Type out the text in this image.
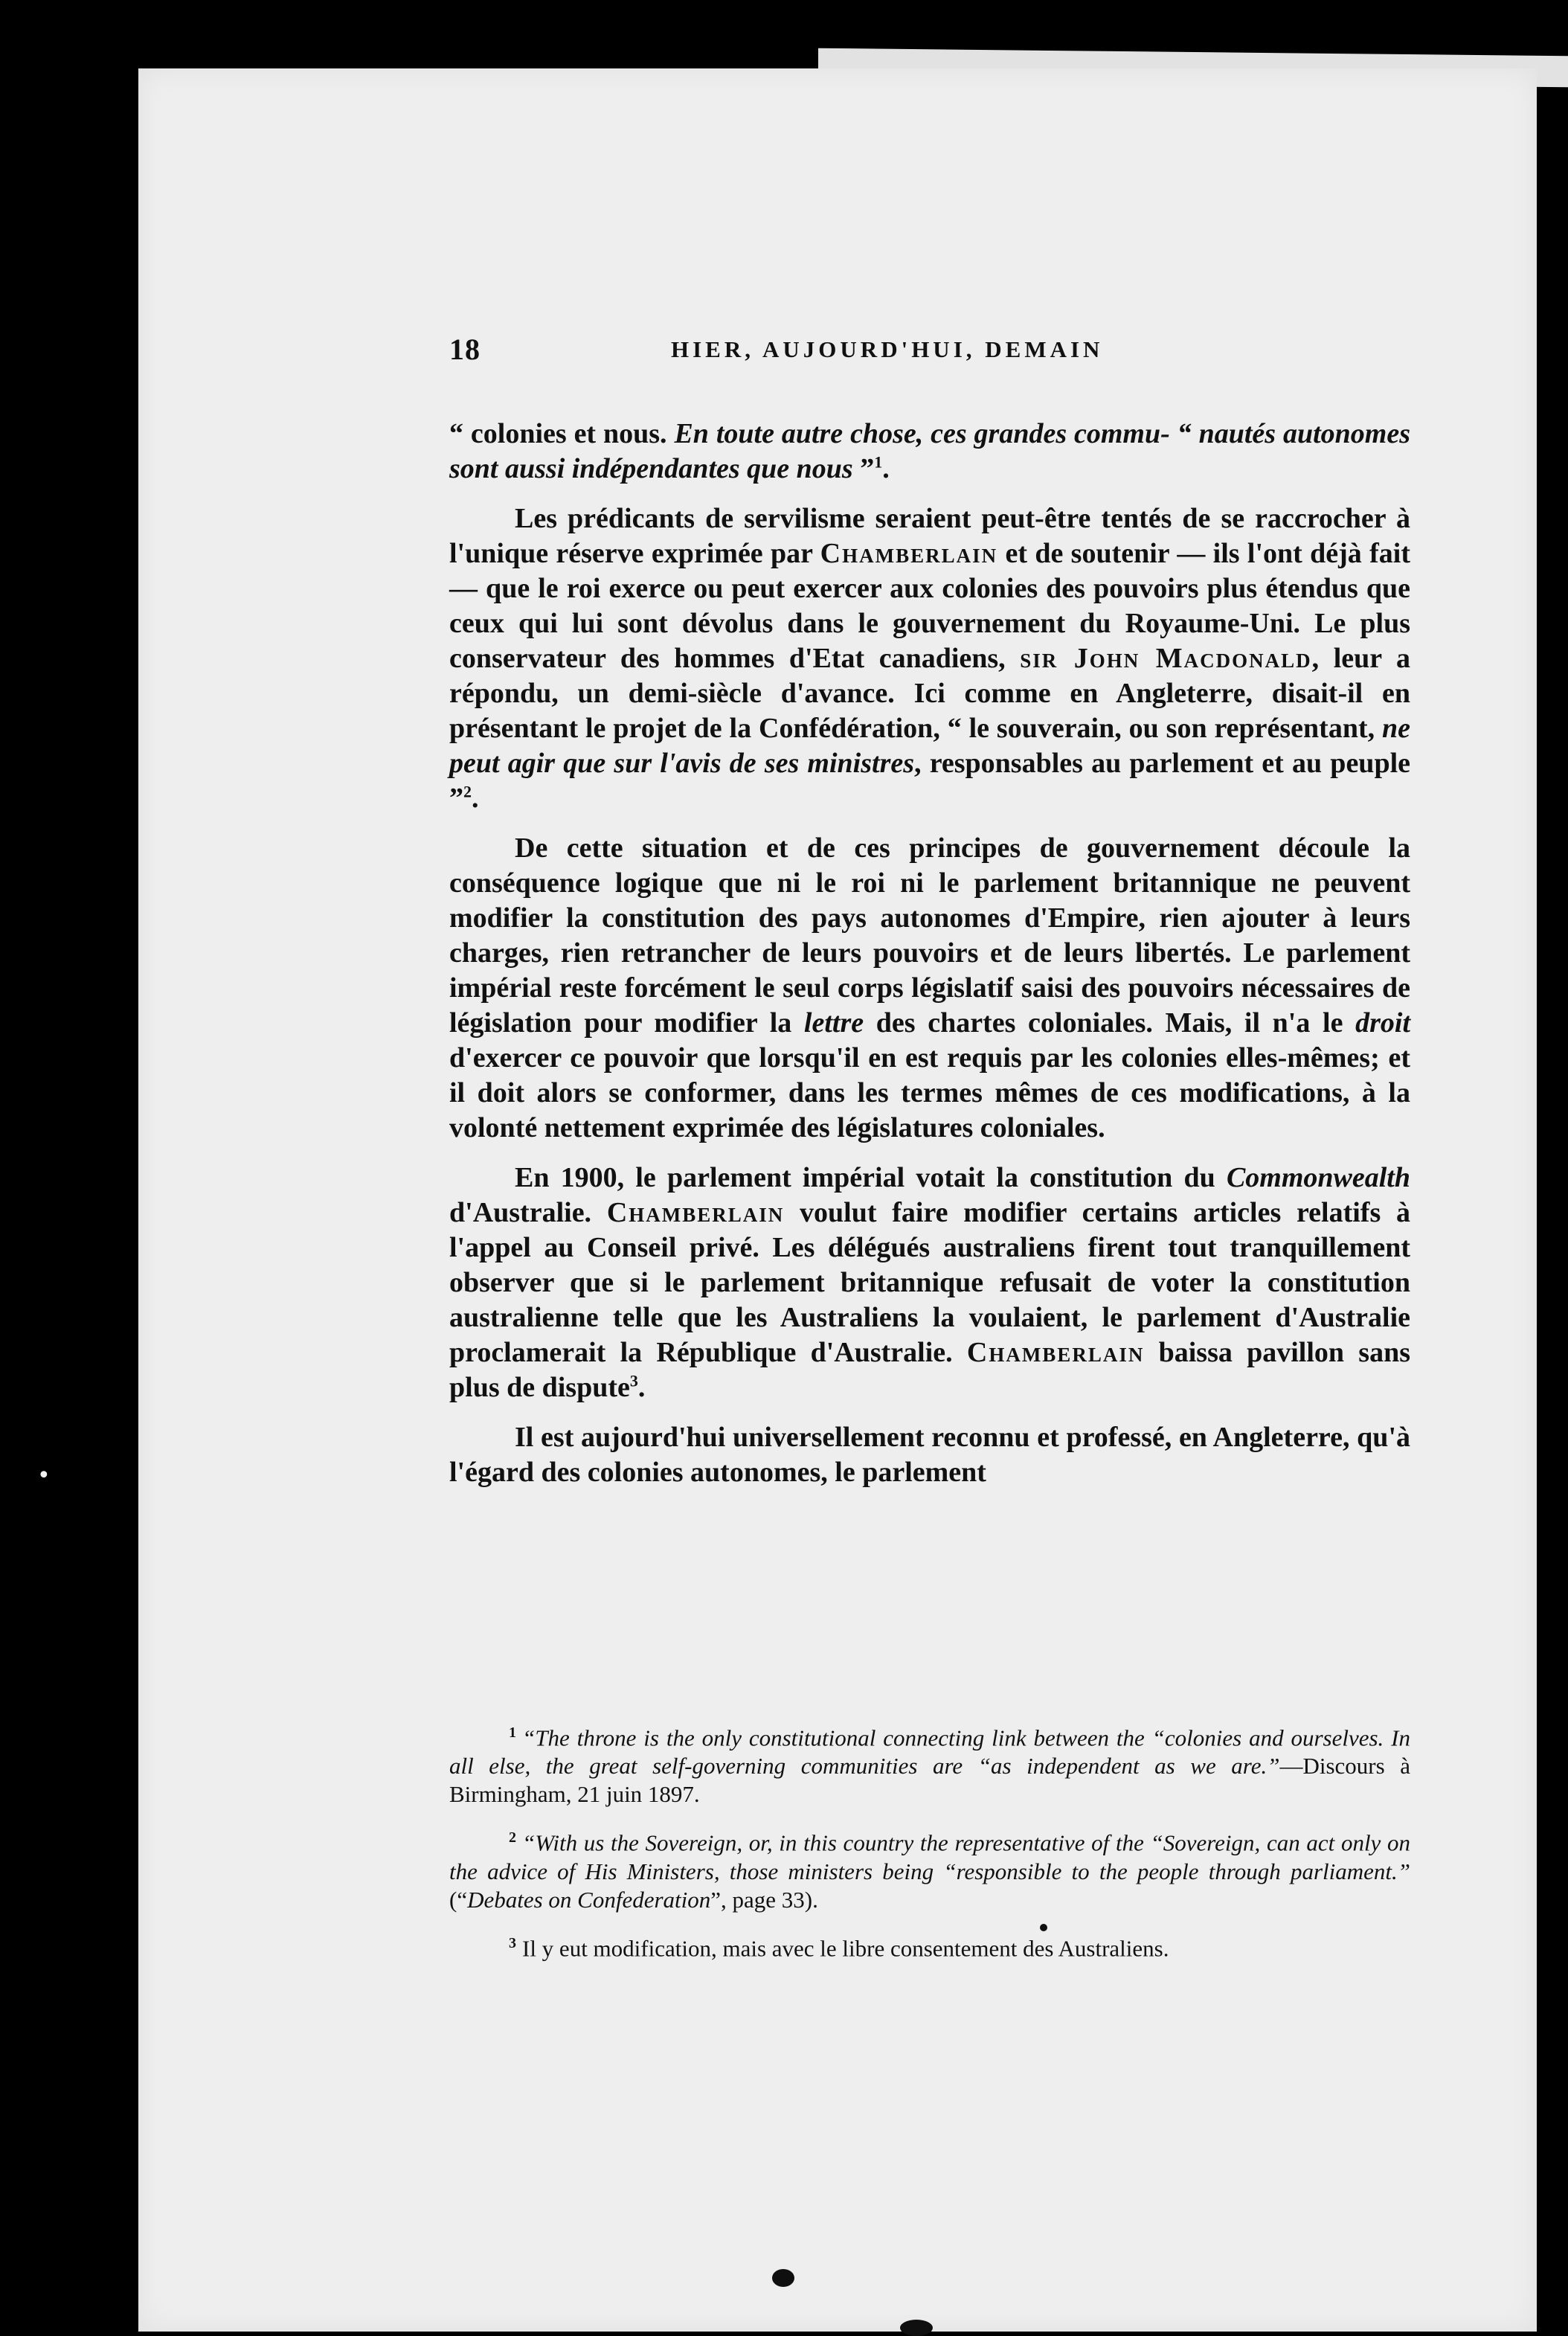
•
18	HIER, AUJOURD'HUI, DEMAIN

“ colonies et nous. En toute autre chose, ces grandes commu- “ nautés autonomes sont aussi indépendantes que nous ”$^1$.

Les prédicants de servilisme seraient peut-être tentés de se raccrocher à l'unique réserve exprimée par Chamberlain et de soutenir — ils l'ont déjà fait — que le roi exerce ou peut exercer aux colonies des pouvoirs plus étendus que ceux qui lui sont dévolus dans le gouvernement du Royaume-Uni. Le plus conservateur des hommes d'Etat canadiens, sir John Macdonald, leur a répondu, un demi-siècle d'avance. Ici comme en Angleterre, disait-il en présentant le projet de la Confédération, “ le souverain, ou son représentant, ne peut agir que sur l'avis de ses ministres, responsables au parlement et au peuple ”$^2$.

De cette situation et de ces principes de gouvernement découle la conséquence logique que ni le roi ni le parlement britannique ne peuvent modifier la constitution des pays autonomes d'Empire, rien ajouter à leurs charges, rien retrancher de leurs pouvoirs et de leurs libertés. Le parlement impérial reste forcément le seul corps législatif saisi des pouvoirs nécessaires de législation pour modifier la lettre des chartes coloniales. Mais, il n'a le droit d'exercer ce pouvoir que lorsqu'il en est requis par les colonies elles-mêmes; et il doit alors se conformer, dans les termes mêmes de ces modifications, à la volonté nettement exprimée des législatures coloniales.

En 1900, le parlement impérial votait la constitution du Commonwealth d'Australie. Chamberlain voulut faire modifier certains articles relatifs à l'appel au Conseil privé. Les délégués australiens firent tout tranquillement observer que si le parlement britannique refusait de voter la constitution australienne telle que les Australiens la voulaient, le parlement d'Australie proclamerait la République d'Australie. Chamberlain baissa pavillon sans plus de dispute$^3$.

Il est aujourd'hui universellement reconnu et professé, en Angleterre, qu'à l'égard des colonies autonomes, le parlement

$^1$ “The throne is the only constitutional connecting link between the “colonies and ourselves. In all else, the great self-governing communities are “as independent as we are.”—Discours à Birmingham, 21 juin 1897.

$^2$ “With us the Sovereign, or, in this country the representative of the “Sovereign, can act only on the advice of His Ministers, those ministers being “responsible to the people through parliament.” (“Debates on Confederation”, page 33).

$^3$ Il y eut modification, mais avec le libre consentement des Australiens.
